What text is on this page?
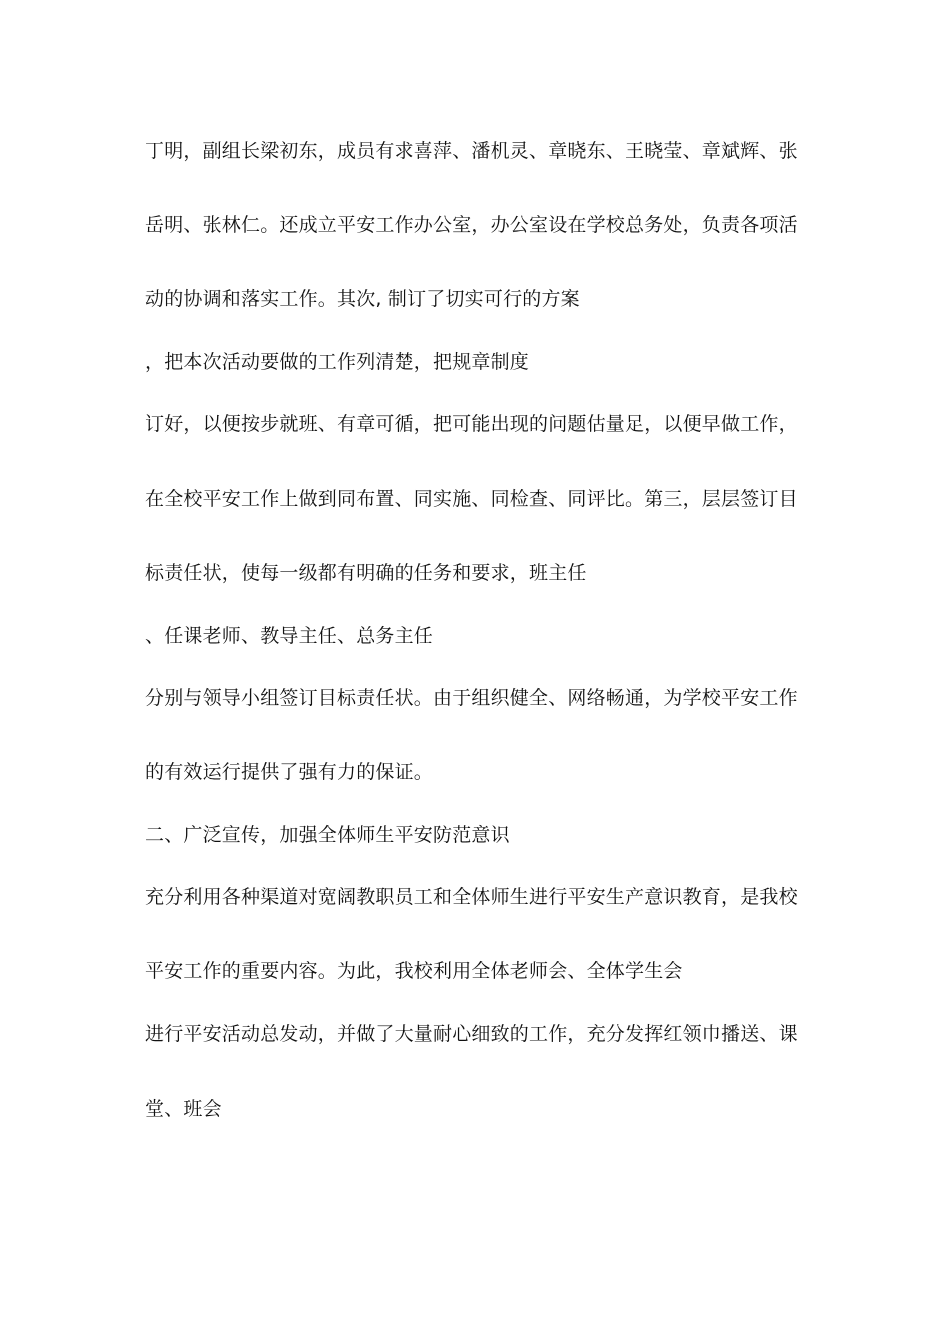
丁明，副组长梁初东，成员有求喜萍、潘机灵、章晓东、王晓莹、章斌辉、张
岳明、张林仁。还成立平安工作办公室，办公室设在学校总务处，负责各项活
动的协调和落实工作。其次, 制订了切实可行的方案
，把本次活动要做的工作列清楚，把规章制度
订好，以便按步就班、有章可循，把可能出现的问题估量足，以便早做工作，
在全校平安工作上做到同布置、同实施、同检查、同评比。第三，层层签订目
标责任状，使每一级都有明确的任务和要求，班主任
、任课老师、教导主任、总务主任
分别与领导小组签订目标责任状。由于组织健全、网络畅通，为学校平安工作
的有效运行提供了强有力的保证。
二、广泛宣传，加强全体师生平安防范意识
充分利用各种渠道对宽阔教职员工和全体师生进行平安生产意识教育，是我校
平安工作的重要内容。为此，我校利用全体老师会、全体学生会
进行平安活动总发动，并做了大量耐心细致的工作，充分发挥红领巾播送、课
堂、班会
